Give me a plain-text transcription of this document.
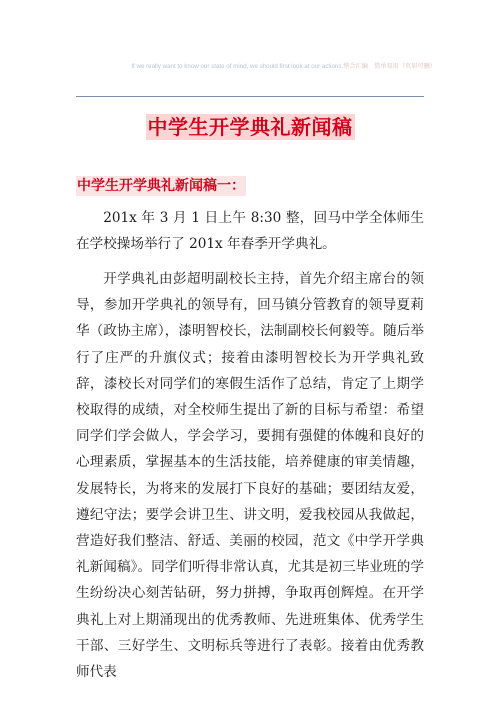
If we really want to know our state of mind, we should first look at our actions.整合汇编　简单易用（页眉可删）
中学生开学典礼新闻稿
中学生开学典礼新闻稿一：

201x 年 3 月 1 日上午 8:30 整，回马中学全体师生在学校操场举行了 201x 年春季开学典礼。

开学典礼由彭超明副校长主持，首先介绍主席台的领导，参加开学典礼的领导有，回马镇分管教育的领导夏莉华（政协主席），漆明智校长，法制副校长何毅等。随后举行了庄严的升旗仪式；接着由漆明智校长为开学典礼致辞，漆校长对同学们的寒假生活作了总结，肯定了上期学校取得的成绩，对全校师生提出了新的目标与希望：希望同学们学会做人，学会学习，要拥有强健的体魄和良好的心理素质，掌握基本的生活技能，培养健康的审美情趣，发展特长，为将来的发展打下良好的基础；要团结友爱，遵纪守法；要学会讲卫生、讲文明，爱我校园从我做起，营造好我们整洁、舒适、美丽的校园，范文《中学开学典礼新闻稿》。同学们听得非常认真，尤其是初三毕业班的学生纷纷决心刻苦钻研，努力拼搏，争取再创辉煌。在开学典礼上对上期涌现出的优秀教师、先进班集体、优秀学生干部、三好学生、文明标兵等进行了表彰。接着由优秀教师代表
